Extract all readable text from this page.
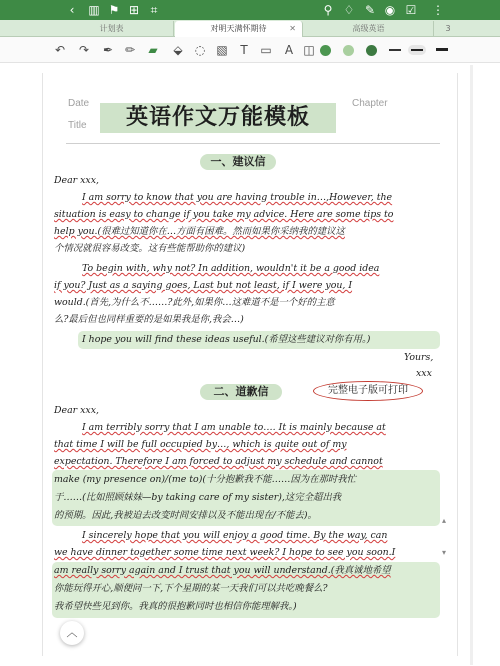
‹	▥ ⚑ ⊞ ⌗	⚲ ♢ ✎ ◉ ☑ ⋮
计划表	对明天满怀期待	✕	高级英语	3
↶ ↷ ✒ ✏ ▰ ⬙ ◌ ▧	T	▭	A ◫
Date
Title
Chapter
英语作文万能模板
一、建议信
Dear xxx,
I am sorry to know that you are having trouble in…,However, the
situation is easy to change if you take my advice. Here are some tips to
help you.(很难过知道你在…方面有困难。然而如果你采纳我的建议这
个情况就很容易改变。这有些能帮助你的建议)
To begin with, why not? In addition, wouldn't it be a good idea
if you? Just as a saying goes, Last but not least, if I were you, I
would.(首先,为什么不……?此外,如果你…这难道不是一个好的主意
么?最后但也同样重要的是如果我是你,我会…)
I hope you will find these ideas useful.(希望这些建议对你有用。)
Yours,
xxx
二、道歉信	完整电子版可打印
Dear xxx,
I am terribly sorry that I am unable to…. It is mainly because at
that time I will be full occupied by…, which is quite out of my
expectation. Therefore I am forced to adjust my schedule and cannot
make (my presence on)/(me to)(十分抱歉我不能……因为在那时我忙
于……(比如照顾妹妹—by taking care of my sister),这完全超出我
的预期。因此,我被迫去改变时间安排以及不能出现在/不能去)。
I sincerely hope that you will enjoy a good time. By the way, can
we have dinner together some time next week? I hope to see you soon.I
am really sorry again and I trust that you will understand.(我真诚地希望
你能玩得开心,顺便问一下,下个星期的某一天我们可以共吃晚餐么?
我希望快些见到你。我真的很抱歉同时也相信你能理解我。)
▴
▾
︿
